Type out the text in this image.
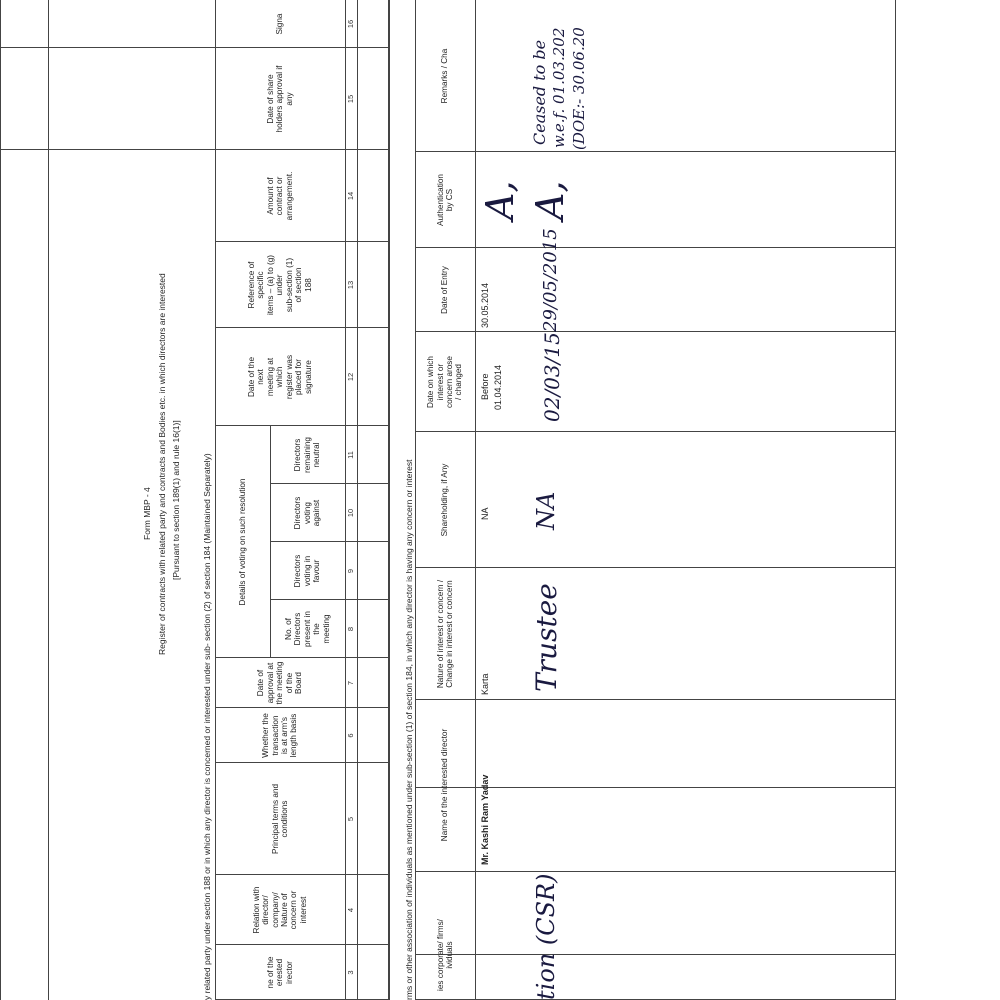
Form MBP - 4 Register of contracts with related party and contracts and Bodies etc. in which directors are interested [Pursuant to section 189(1) and rule 16(1)] y related party under section 188 or in which any director is concerned or interested under sub- section (2) of section 184 (Maintained Separately)	ne of the
erested
irector
Relation with
director/
company/
Nature of
concern or
interest
Principal terms and
conditions
Whether the
transaction
is at arm's
length basis
Date of
approval at
the meeting
of the
Board
Details of voting on such resolution
No. of
Directors
present in
the
meeting
Directors
voting in
favour
Directors
voting
against
Directors
remaining
neutral
Date of the
next
meeting at
which
register was
placed for
signature
Reference of
specific
items – (a) to (g)
under
sub-section (1)
of section
188
Amount of
contract or
arrangement.
Date of share
holders approval if
any
Signa
3
4
5
6
7
8
9
10
11
12
13
14
15
16
rms or other association of individuals as mentioned under sub-section (1) of section 184, in which any director is having any concern or interest	ies corporate/ firms/
ividuals
Name of the interested director
Nature of interest or concern /
Change in interest or concern
Shareholding, if Any
Date on which
interest or
concern arose
/ changed
Date of Entry
Authentication
by CS
Remarks / Cha
Mr. Kashi Ram Yadav
Karta
NA
Before 01.04.2014
30.05.2014
A,
tion (CSR)
Trustee
NA
02/03/15
29/05/2015
A,
Ceased to be w.e.f. 01.03.202 (DOE:- 30.06.20
